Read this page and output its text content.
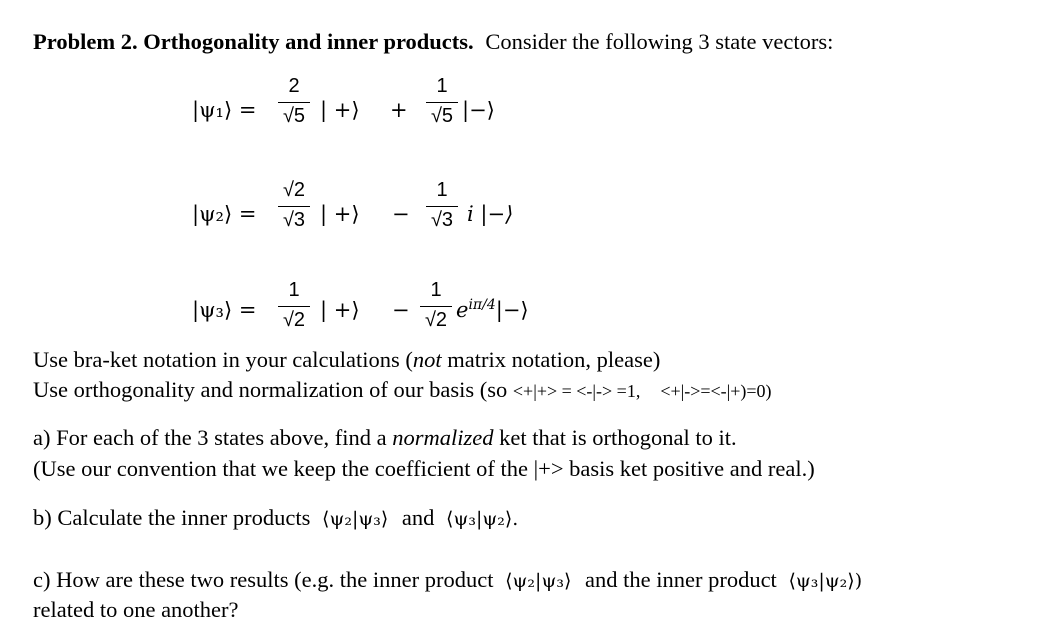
Problem 2. Orthogonality and inner products. Consider the following 3 state vectors:
|ψ₁⟩ =
2
√5 | +⟩ +
1
√5 |−⟩
|ψ₂⟩ =
√2
√3 | +⟩ −
1
√3 i |−⟩
|ψ₃⟩ =
1
√2 | +⟩ −
1
√2 $e^{i\pi/4}|-⟩$
Use bra-ket notation in your calculations (not matrix notation, please)
Use orthogonality and normalization of our basis (so <+|+> = <-|-> =1, <+|->=<-|+)=0)
a) For each of the 3 states above, find a normalized ket that is orthogonal to it.
(Use our convention that we keep the coefficient of the |+> basis ket positive and real.)
b) Calculate the inner products ⟨ψ₂|ψ₃⟩ and ⟨ψ₃|ψ₂⟩.
c) How are these two results (e.g. the inner product ⟨ψ₂|ψ₃⟩ and the inner product ⟨ψ₃|ψ₂⟩)
related to one another?
